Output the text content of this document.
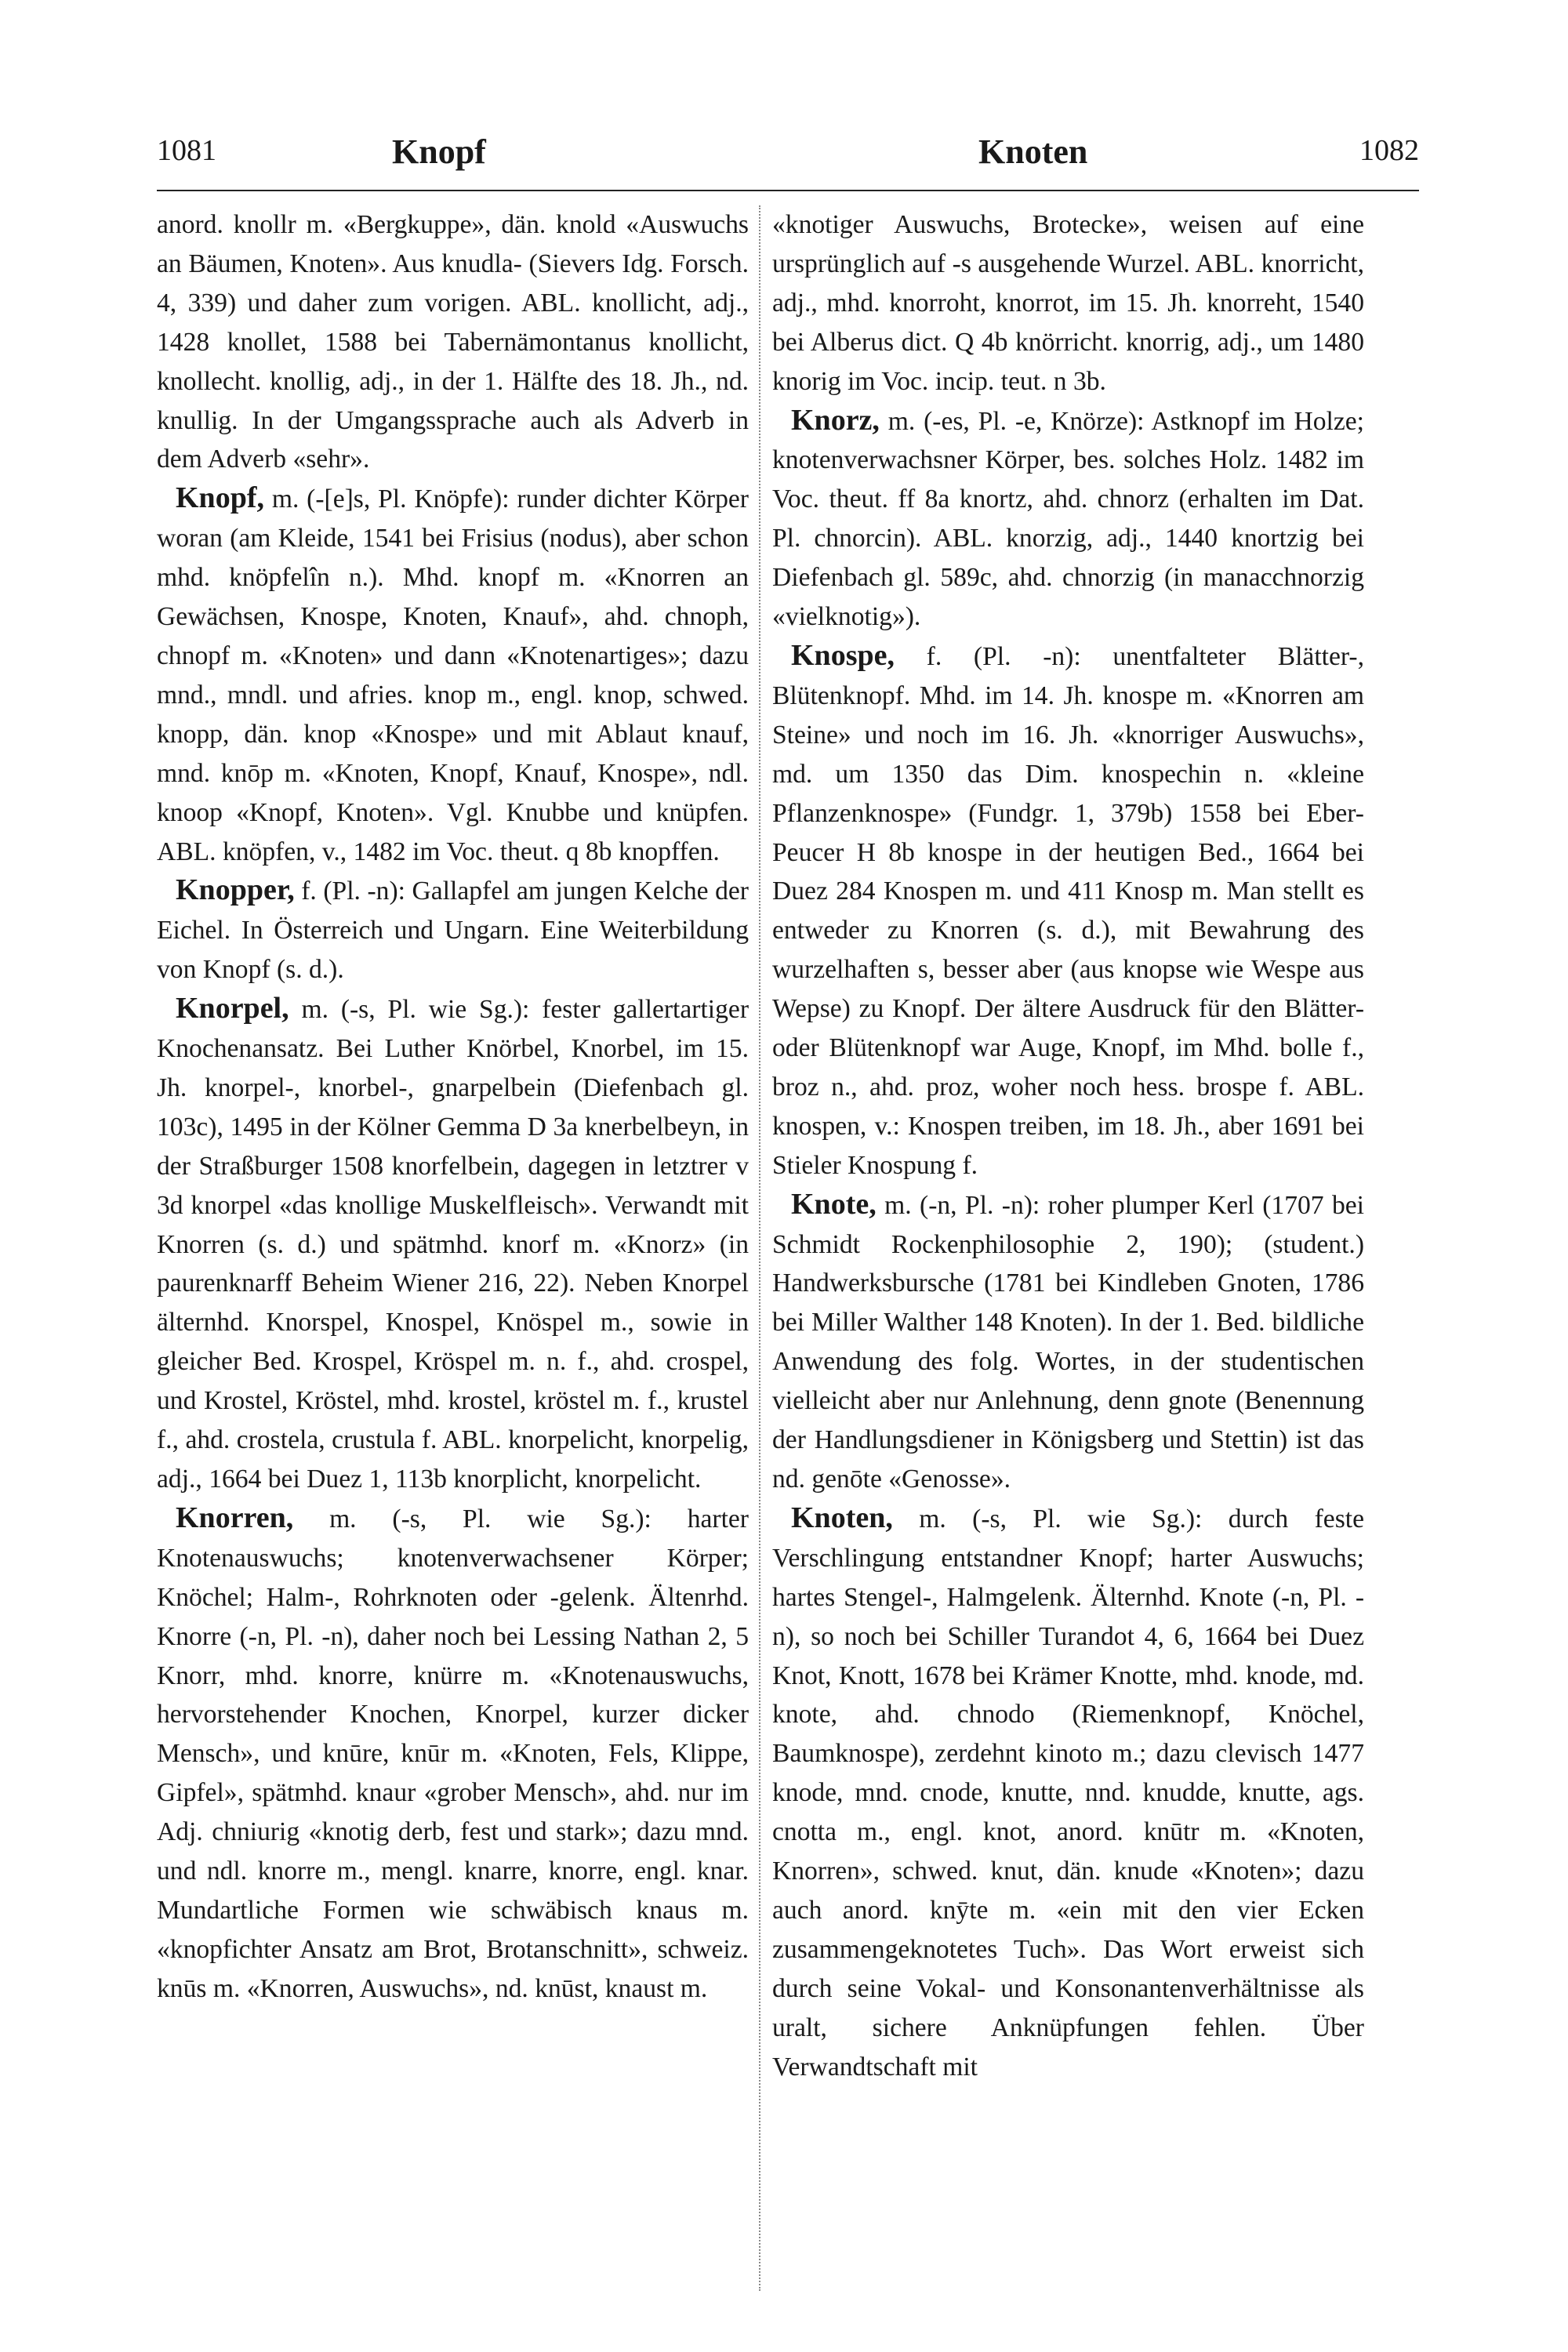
1081	Knopf	Knoten	1082

anord. knollr m. «Bergkuppe», dän. knold «Auswuchs an Bäumen, Knoten». Aus knudla- (Sievers Idg. Forsch. 4, 339) und daher zum vorigen. ABL. knollicht, adj., 1428 knollet, 1588 bei Tabernämontanus knollicht, knollecht. knollig, adj., in der 1. Hälfte des 18. Jh., nd. knullig. In der Umgangssprache auch als Adverb in dem Adverb «sehr».

Knopf, m. (-[e]s, Pl. Knöpfe): runder dichter Körper woran (am Kleide, 1541 bei Frisius (nodus), aber schon mhd. knöpfelîn n.). Mhd. knopf m. «Knorren an Gewächsen, Knospe, Knoten, Knauf», ahd. chnoph, chnopf m. «Knoten» und dann «Knotenartiges»; dazu mnd., mndl. und afries. knop m., engl. knop, schwed. knopp, dän. knop «Knospe» und mit Ablaut knauf, mnd. knōp m. «Knoten, Knopf, Knauf, Knospe», ndl. knoop «Knopf, Knoten». Vgl. Knubbe und knüpfen. ABL. knöpfen, v., 1482 im Voc. theut. q 8b knopffen.

Knopper, f. (Pl. -n): Gallapfel am jungen Kelche der Eichel. In Österreich und Ungarn. Eine Weiterbildung von Knopf (s. d.).

Knorpel, m. (-s, Pl. wie Sg.): fester gallertartiger Knochenansatz. Bei Luther Knörbel, Knorbel, im 15. Jh. knorpel-, knorbel-, gnarpelbein (Diefenbach gl. 103c), 1495 in der Kölner Gemma D 3a knerbelbeyn, in der Straßburger 1508 knorfelbein, dagegen in letztrer v 3d knorpel «das knollige Muskelfleisch». Verwandt mit Knorren (s. d.) und spätmhd. knorf m. «Knorz» (in paurenknarff Beheim Wiener 216, 22). Neben Knorpel älternhd. Knorspel, Knospel, Knöspel m., sowie in gleicher Bed. Krospel, Kröspel m. n. f., ahd. crospel, und Krostel, Kröstel, mhd. krostel, kröstel m. f., krustel f., ahd. crostela, crustula f. ABL. knorpelicht, knorpelig, adj., 1664 bei Duez 1, 113b knorplicht, knorpelicht.

Knorren, m. (-s, Pl. wie Sg.): harter Knotenauswuchs; knotenverwachsener Körper; Knöchel; Halm-, Rohrknoten oder -gelenk. Ältenrhd. Knorre (-n, Pl. -n), daher noch bei Lessing Nathan 2, 5 Knorr, mhd. knorre, knürre m. «Knotenauswuchs, hervorstehender Knochen, Knorpel, kurzer dicker Mensch», und knūre, knūr m. «Knoten, Fels, Klippe, Gipfel», spätmhd. knaur «grober Mensch», ahd. nur im Adj. chniurig «knotig derb, fest und stark»; dazu mnd. und ndl. knorre m., mengl. knarre, knorre, engl. knar. Mundartliche Formen wie schwäbisch knaus m. «knopfichter Ansatz am Brot, Brotanschnitt», schweiz. knūs m. «Knorren, Auswuchs», nd. knūst, knaust m.

«knotiger Auswuchs, Brotecke», weisen auf eine ursprünglich auf -s ausgehende Wurzel. ABL. knorricht, adj., mhd. knorroht, knorrot, im 15. Jh. knorreht, 1540 bei Alberus dict. Q 4b knörricht. knorrig, adj., um 1480 knorig im Voc. incip. teut. n 3b.

Knorz, m. (-es, Pl. -e, Knörze): Astknopf im Holze; knotenverwachsner Körper, bes. solches Holz. 1482 im Voc. theut. ff 8a knortz, ahd. chnorz (erhalten im Dat. Pl. chnorcin). ABL. knorzig, adj., 1440 knortzig bei Diefenbach gl. 589c, ahd. chnorzig (in manacchnorzig «vielknotig»).

Knospe, f. (Pl. -n): unentfalteter Blätter-, Blütenknopf. Mhd. im 14. Jh. knospe m. «Knorren am Steine» und noch im 16. Jh. «knorriger Auswuchs», md. um 1350 das Dim. knospechin n. «kleine Pflanzenknospe» (Fundgr. 1, 379b) 1558 bei Eber-Peucer H 8b knospe in der heutigen Bed., 1664 bei Duez 284 Knospen m. und 411 Knosp m. Man stellt es entweder zu Knorren (s. d.), mit Bewahrung des wurzelhaften s, besser aber (aus knopse wie Wespe aus Wepse) zu Knopf. Der ältere Ausdruck für den Blätter- oder Blütenknopf war Auge, Knopf, im Mhd. bolle f., broz n., ahd. proz, woher noch hess. brospe f. ABL. knospen, v.: Knospen treiben, im 18. Jh., aber 1691 bei Stieler Knospung f.

Knote, m. (-n, Pl. -n): roher plumper Kerl (1707 bei Schmidt Rockenphilosophie 2, 190); (student.) Handwerksbursche (1781 bei Kindleben Gnoten, 1786 bei Miller Walther 148 Knoten). In der 1. Bed. bildliche Anwendung des folg. Wortes, in der studentischen vielleicht aber nur Anlehnung, denn gnote (Benennung der Handlungsdiener in Königsberg und Stettin) ist das nd. genōte «Genosse».

Knoten, m. (-s, Pl. wie Sg.): durch feste Verschlingung entstandner Knopf; harter Auswuchs; hartes Stengel-, Halmgelenk. Älternhd. Knote (-n, Pl. -n), so noch bei Schiller Turandot 4, 6, 1664 bei Duez Knot, Knott, 1678 bei Krämer Knotte, mhd. knode, md. knote, ahd. chnodo (Riemenknopf, Knöchel, Baumknospe), zerdehnt kinoto m.; dazu clevisch 1477 knode, mnd. cnode, knutte, nnd. knudde, knutte, ags. cnotta m., engl. knot, anord. knūtr m. «Knoten, Knorren», schwed. knut, dän. knude «Knoten»; dazu auch anord. knȳte m. «ein mit den vier Ecken zusammengeknotetes Tuch». Das Wort erweist sich durch seine Vokal- und Konsonantenverhältnisse als uralt, sichere Anknüpfungen fehlen. Über Verwandtschaft mit
